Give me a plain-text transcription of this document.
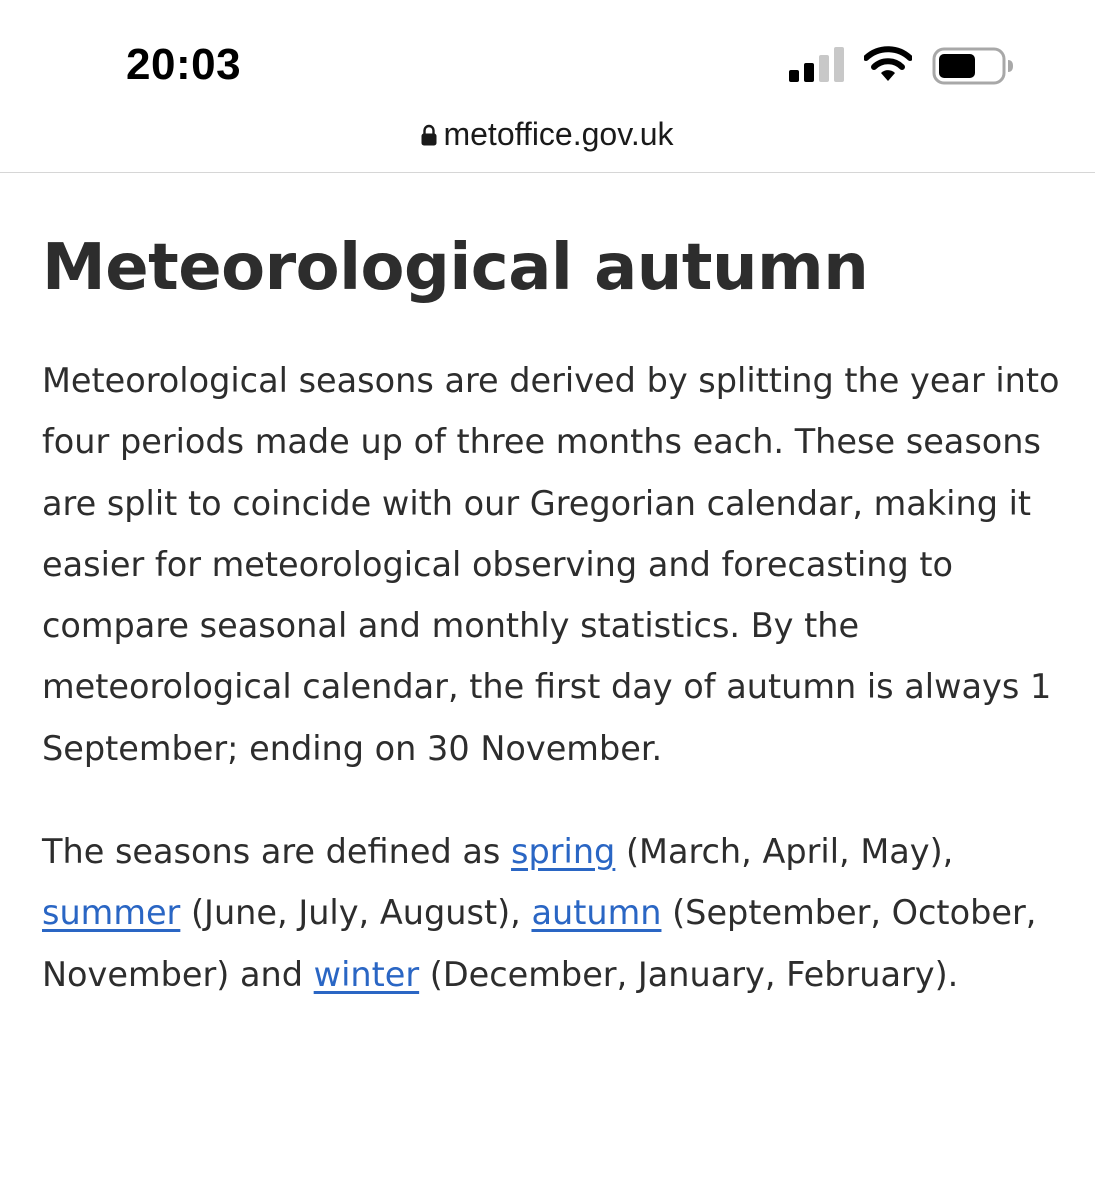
20:03
metoffice.gov.uk
Meteorological autumn

Meteorological seasons are derived by splitting the year into four periods made up of three months each. These seasons are split to coincide with our Gregorian calendar, making it easier for meteorological observing and forecasting to compare seasonal and monthly statistics. By the meteorological calendar, the first day of autumn is always 1 September; ending on 30 November.

The seasons are defined as spring (March, April, May), summer (June, July, August), autumn (September, October, November) and winter (December, January, February).
